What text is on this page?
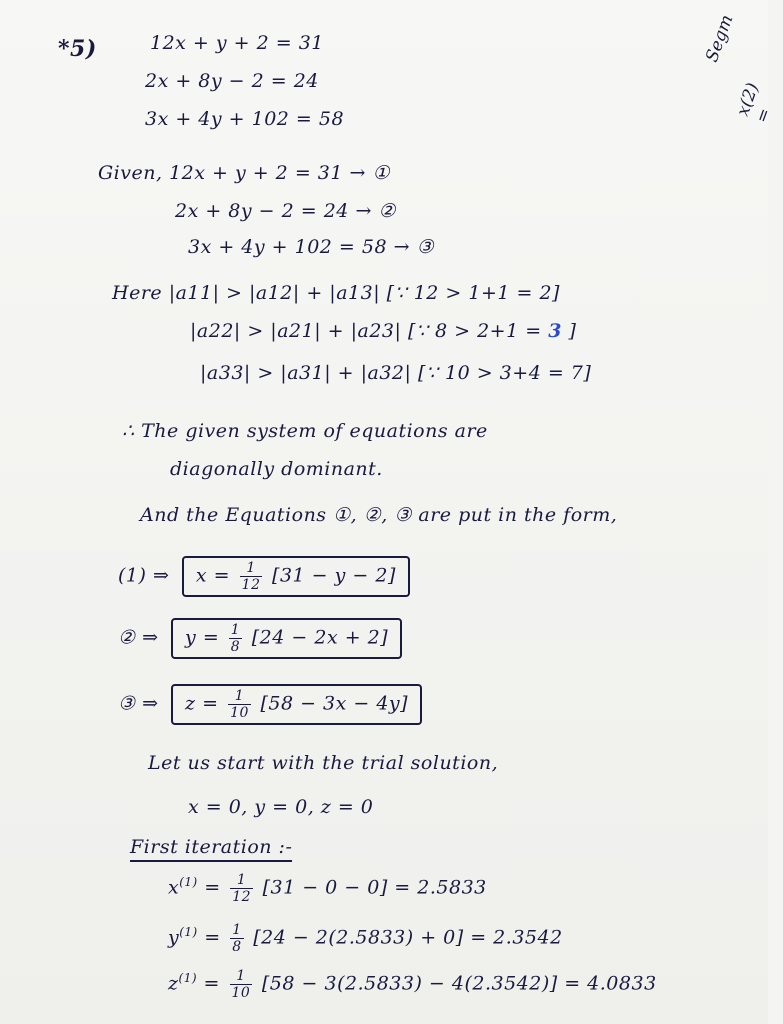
Segm
x(2) =
*5)	12x + y + 2 = 31
2x + 8y − 2 = 24
3x + 4y + 102 = 58
Given, 12x + y + 2 = 31 → ①
2x + 8y − 2 = 24 → ②
3x + 4y + 102 = 58 → ③
Here |a11| > |a12| + |a13| [∵ 12 > 1+1 = 2]
|a22| > |a21| + |a23| [∵ 8 > 2+1 = 3 ]
|a33| > |a31| + |a32| [∵ 10 > 3+4 = 7]
∴ The given system of equations are
diagonally dominant.
And the Equations ①, ②, ③ are put in the form,
(1) ⇒ $x = \frac{1}{12} [31 - y - 2]$
② ⇒ $y = \frac{1}{8} [24 - 2x + 2]$
③ ⇒ $z = \frac{1}{10} [58 - 3x - 4y]$
Let us start with the trial solution,
x = 0, y = 0, z = 0
First iteration :-
$x^{(1)} = \frac{1}{12} [31 - 0 - 0] = 2.5833$
$y^{(1)} = \frac{1}{8} [24 - 2(2.5833) + 0] = 2.3542$
$z^{(1)} = \frac{1}{10} [58 - 3(2.5833) - 4(2.3542)] = 4.0833$
